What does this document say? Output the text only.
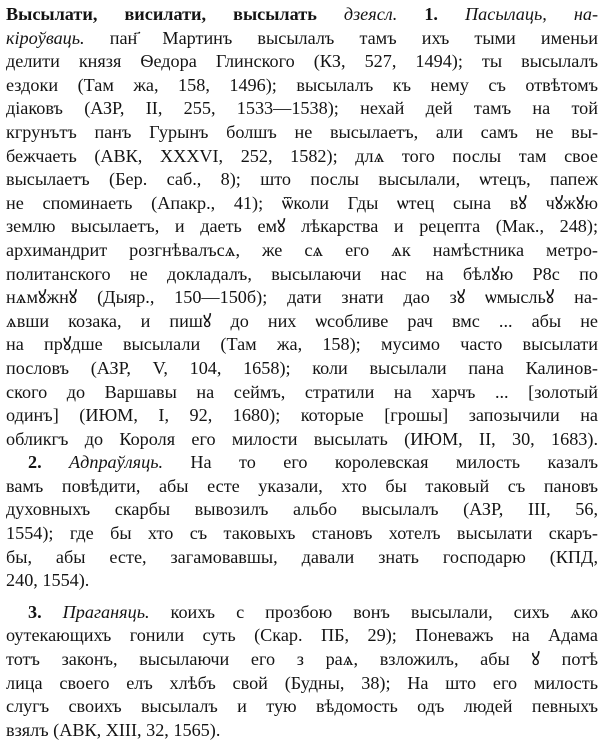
Высылати, висилати, высылать дзеясл. 1. Пасылаць, на-
кіроўваць. пан҃ Мартинъ высылалъ тамъ ихъ тыми именьи
делити князя Ѳедора Глинского (КЗ, 527, 1494); ты высылалъ
ездоки (Там жа, 158, 1496); высылалъ къ нему съ отвѣтомъ
дiаковъ (АЗР, II, 255, 1533—1538); нехай дей тамъ на той
кгрунътъ панъ Гурынъ болшъ не высылаетъ, али самъ не вы-
бежчаеть (АВК, XXXVI, 252, 1582); длѧ того послы там свое
высылаетъ (Бер. саб., 8); што послы высылали, ѡтецъ, папеж
не споминаеть (Апакр., 41); ѿколи Гды ѡтец сына вꙋ чꙋжꙋю
землю высылаетъ, и даеть емꙋ лѣкарства и рецепта (Мак., 248);
архимандрит розгнѣвалъсѧ, же сѧ его ѧк намѣстника метро-
политанского не докладалъ, высылаючи нас на бѣлꙋю Р8с по
нѧмꙋжнꙋ (Дыяр., 150—150б); дати знати дао зꙋ ѡмысльꙋ на-
ѧвши козака, и пишꙋ до них ѡсобливе рач вмс ... абы не
на прꙋдше высылали (Там жа, 158); мусимо часто высылати
пословъ (АЗР, V, 104, 1658); коли высылали пана Калинов-
ского до Варшавы на сеймъ, стратили на харчъ ... [золотый
одинъ] (ИЮМ, I, 92, 1680); которые [грошы] запозычили на
обликгъ до Короля его милости высылать (ИЮМ, II, 30, 1683).
2. Адпраўляць. На то его королевская милость казалъ
вамъ повѣдити, абы есте указали, хто бы таковый съ пановъ
духовныхъ скарбы вывозилъ альбо высылалъ (АЗР, III, 56,
1554); где бы хто съ таковыхъ становъ хотелъ высылати скаръ-
бы, абы есте, загамовавшы, давали знать господарю (КПД,
240, 1554).
3. Праганяць. коихъ с прозбою вонъ высылали, сихъ ѧко
оутекающихъ гонили суть (Скар. ПБ, 29); Поневажъ на Адама
тотъ законъ, высылаючи его з раѧ, взложилъ, абы ꙋ потѣ
лица своего елъ хлѣбъ свой (Будны, 38); На што его милость
слугъ своихъ высылалъ и тую вѣдомость одъ людей певныхъ
взялъ (АВК, XIII, 32, 1565).
